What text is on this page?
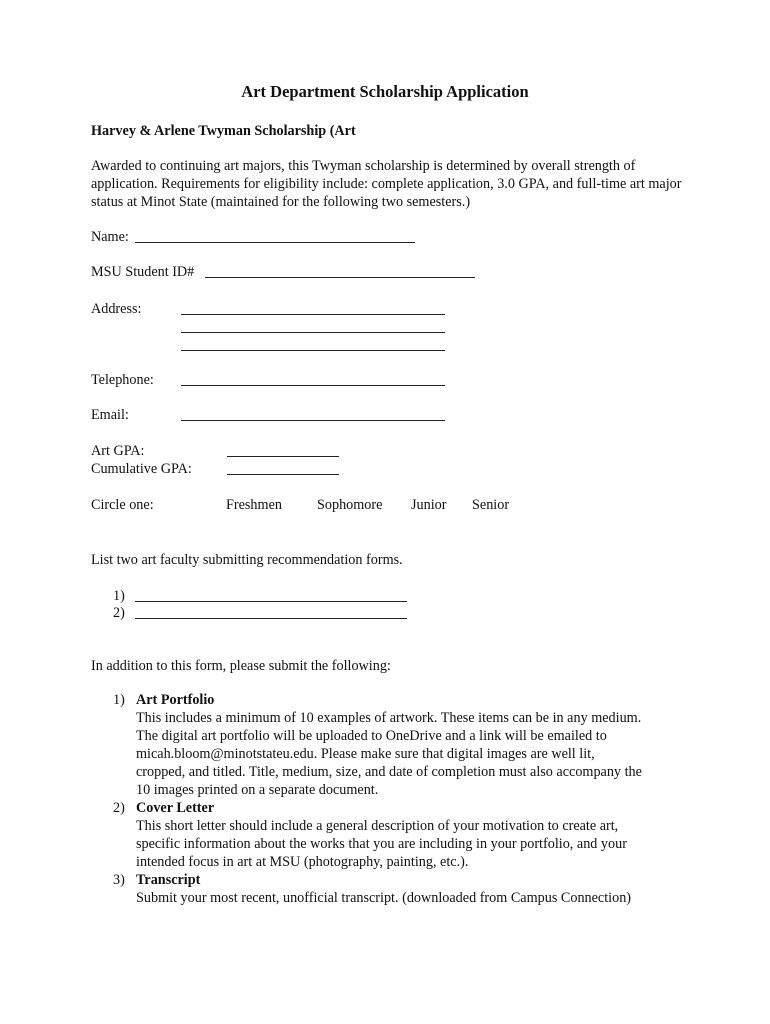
Art Department Scholarship Application
Harvey & Arlene Twyman Scholarship (Art
Awarded to continuing art majors, this Twyman scholarship is determined by overall strength of application. Requirements for eligibility include: complete application, 3.0 GPA, and full-time art major status at Minot State (maintained for the following two semesters.)
Name:
MSU Student ID#
Address:
Telephone:
Email:
Art GPA:
Cumulative GPA:
Circle one:	Freshmen Sophomore Junior Senior
List two art faculty submitting recommendation forms.
1)
2)
In addition to this form, please submit the following:
1) Art Portfolio
This includes a minimum of 10 examples of artwork. These items can be in any medium.
The digital art portfolio will be uploaded to OneDrive and a link will be emailed to
micah.bloom@minotstateu.edu. Please make sure that digital images are well lit,
cropped, and titled. Title, medium, size, and date of completion must also accompany the
10 images printed on a separate document.
2) Cover Letter
This short letter should include a general description of your motivation to create art,
specific information about the works that you are including in your portfolio, and your
intended focus in art at MSU (photography, painting, etc.).
3) Transcript
Submit your most recent, unofficial transcript. (downloaded from Campus Connection)
